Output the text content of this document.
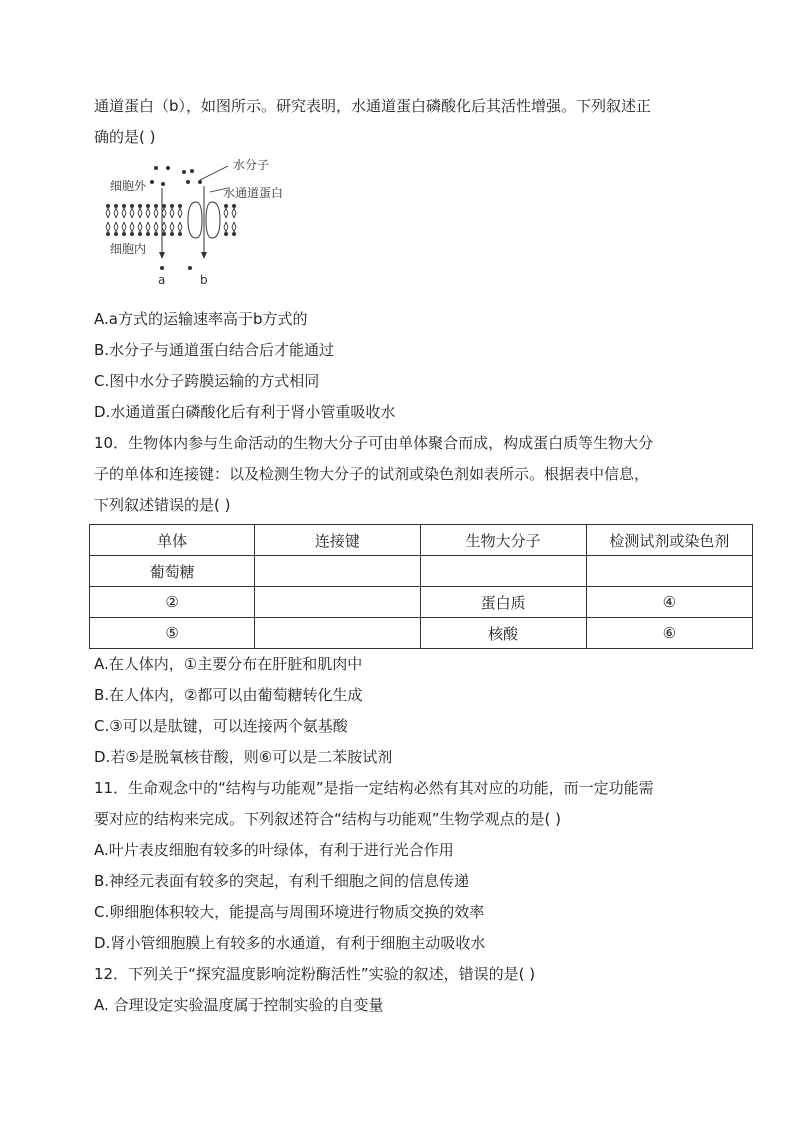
通道蛋白（b），如图所示。研究表明，水通道蛋白磷酸化后其活性增强。下列叙述正
确的是( )
水分子
细胞外	水通道蛋白
细胞内
a	b
A.a方式的运输速率高于b方式的
B.水分子与通道蛋白结合后才能通过
C.图中水分子跨膜运输的方式相同
D.水通道蛋白磷酸化后有利于肾小管重吸收水
10．生物体内参与生命活动的生物大分子可由单体聚合而成，构成蛋白质等生物大分
子的单体和连接键：以及检测生物大分子的试剂或染色剂如表所示。根据表中信息，
下列叙述错误的是( )
单体	连接键	生物大分子	检测试剂或染色剂
葡萄糖			
②		蛋白质	④
⑤		核酸	⑥
A.在人体内，①主要分布在肝脏和肌肉中
B.在人体内，②都可以由葡萄糖转化生成
C.③可以是肽键，可以连接两个氨基酸
D.若⑤是脱氧核苷酸，则⑥可以是二苯胺试剂
11．生命观念中的“结构与功能观”是指一定结构必然有其对应的功能，而一定功能需
要对应的结构来完成。下列叙述符合“结构与功能观”生物学观点的是( )
A.叶片表皮细胞有较多的叶绿体，有利于进行光合作用
B.神经元表面有较多的突起，有利千细胞之间的信息传递
C.卵细胞体积较大，能提高与周围环境进行物质交换的效率
D.肾小管细胞膜上有较多的水通道，有利于细胞主动吸收水
12．下列关于“探究温度影响淀粉酶活性”实验的叙述，错误的是( )
A. 合理设定实验温度属于控制实验的自变量
